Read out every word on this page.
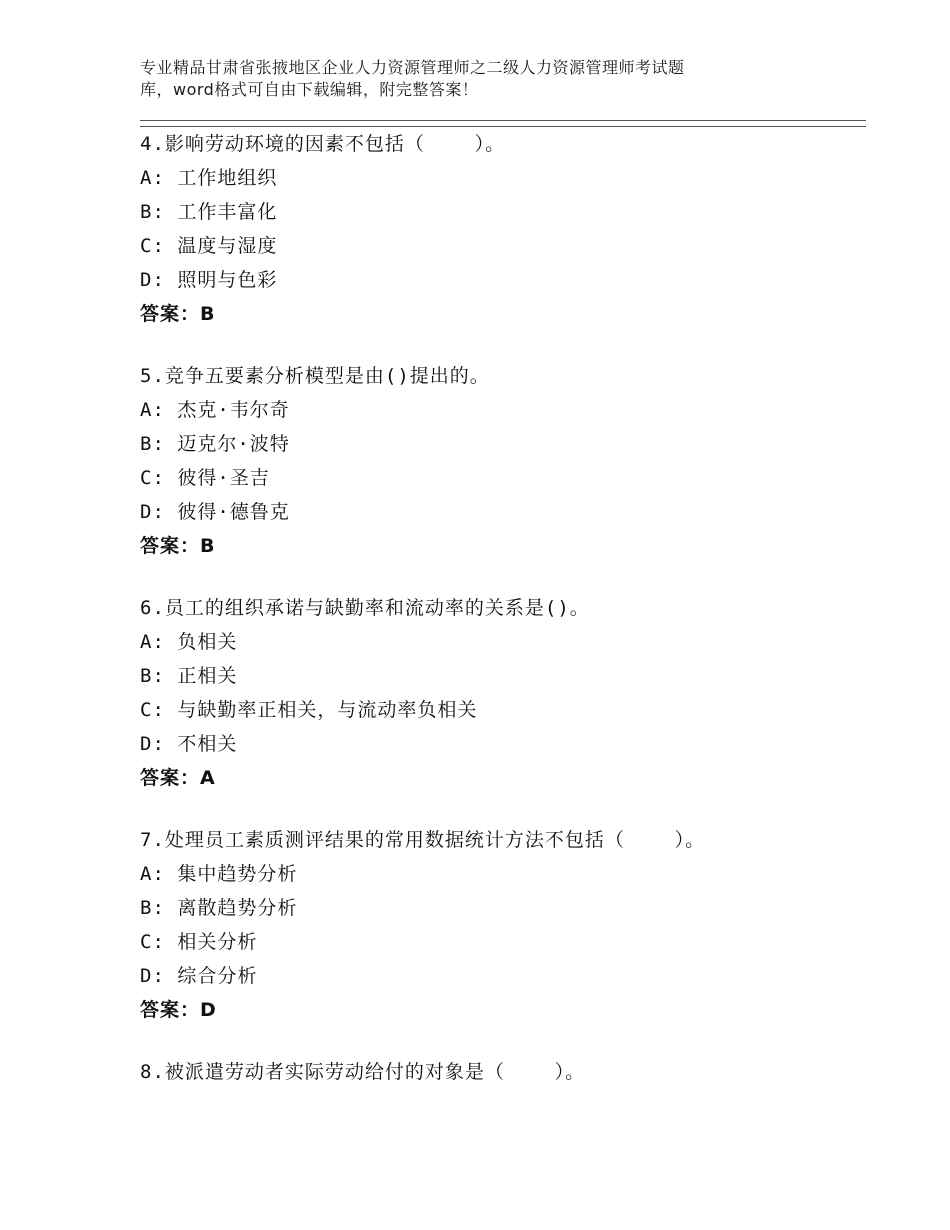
专业精品甘肃省张掖地区企业人力资源管理师之二级人力资源管理师考试题
库，word格式可自由下载编辑，附完整答案！
4.影响劳动环境的因素不包括（    ）。
A: 工作地组织
B: 工作丰富化
C: 温度与湿度
D: 照明与色彩
答案：B
5.竞争五要素分析模型是由()提出的。
A: 杰克·韦尔奇
B: 迈克尔·波特
C: 彼得·圣吉
D: 彼得·德鲁克
答案：B
6.员工的组织承诺与缺勤率和流动率的关系是()。
A: 负相关
B: 正相关
C: 与缺勤率正相关，与流动率负相关
D: 不相关
答案：A
7.处理员工素质测评结果的常用数据统计方法不包括（    ）。
A: 集中趋势分析
B: 离散趋势分析
C: 相关分析
D: 综合分析
答案：D
8.被派遣劳动者实际劳动给付的对象是（    ）。
